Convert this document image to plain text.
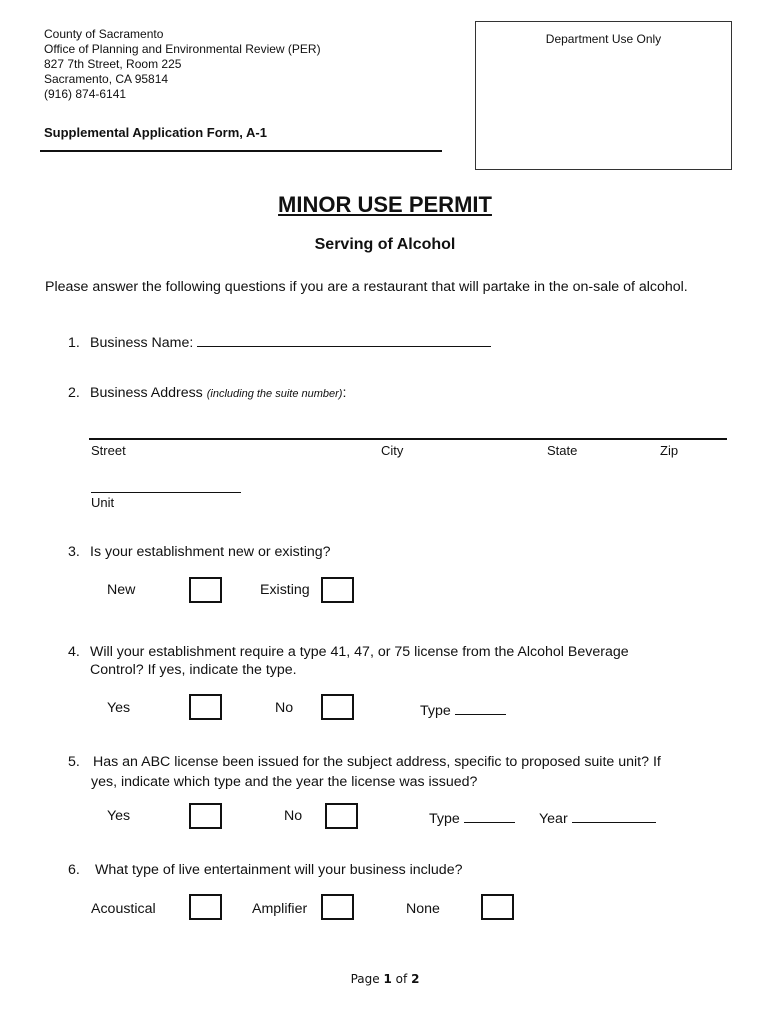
County of Sacramento
Office of Planning and Environmental Review (PER)
827 7th Street, Room 225
Sacramento, CA 95814
(916) 874-6141
Supplemental Application Form, A-1
Department Use Only
MINOR USE PERMIT
Serving of Alcohol
Please answer the following questions if you are a restaurant that will partake in the on-sale of alcohol.
1. Business Name:
2. Business Address (including the suite number):
Street	City	State	Zip
Unit
3. Is your establishment new or existing?
New	Existing
4. Will your establishment require a type 41, 47, or 75 license from the Alcohol Beverage
Control? If yes, indicate the type.
Yes	No	Type
5. Has an ABC license been issued for the subject address, specific to proposed suite unit? If
yes, indicate which type and the year the license was issued?
Yes	No	Type	Year
6. What type of live entertainment will your business include?
Acoustical	Amplifier	None
Page 1 of 2
